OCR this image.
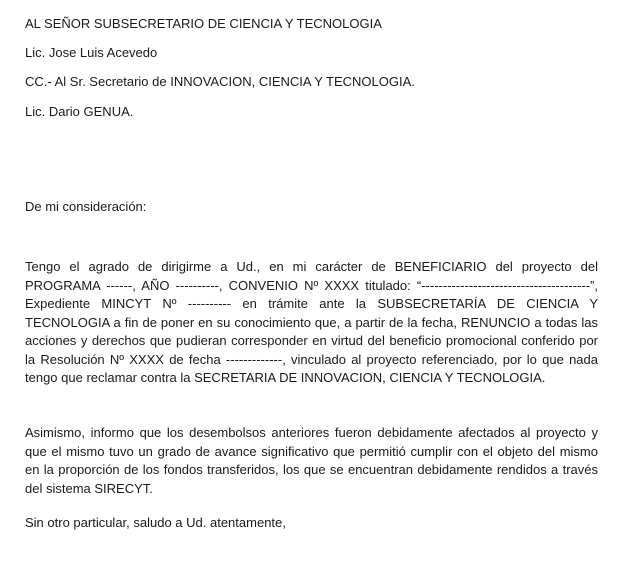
AL SEÑOR SUBSECRETARIO DE CIENCIA Y TECNOLOGIA

Lic. Jose Luis Acevedo

CC.- Al Sr. Secretario de INNOVACION, CIENCIA Y TECNOLOGIA.

Lic. Dario GENUA.

De mi consideración:

Tengo el agrado de dirigirme a Ud., en mi carácter de BENEFICIARIO del proyecto del PROGRAMA ------, AÑO ----------, CONVENIO Nº XXXX titulado: “---------------------------------------”, Expediente MINCYT Nº ---------- en trámite ante la SUBSECRETARÍA DE CIENCIA Y TECNOLOGIA a fin de poner en su conocimiento que, a partir de la fecha, RENUNCIO a todas las acciones y derechos que pudieran corresponder en virtud del beneficio promocional conferido por la Resolución Nº XXXX de fecha -------------, vinculado al proyecto referenciado, por lo que nada tengo que reclamar contra la SECRETARIA DE INNOVACION, CIENCIA Y TECNOLOGIA.

Asimismo, informo que los desembolsos anteriores fueron debidamente afectados al proyecto y que el mismo tuvo un grado de avance significativo que permitió cumplir con el objeto del mismo en la proporción de los fondos transferidos, los que se encuentran debidamente rendidos a través del sistema SIRECYT.

Sin otro particular, saludo a Ud. atentamente,
